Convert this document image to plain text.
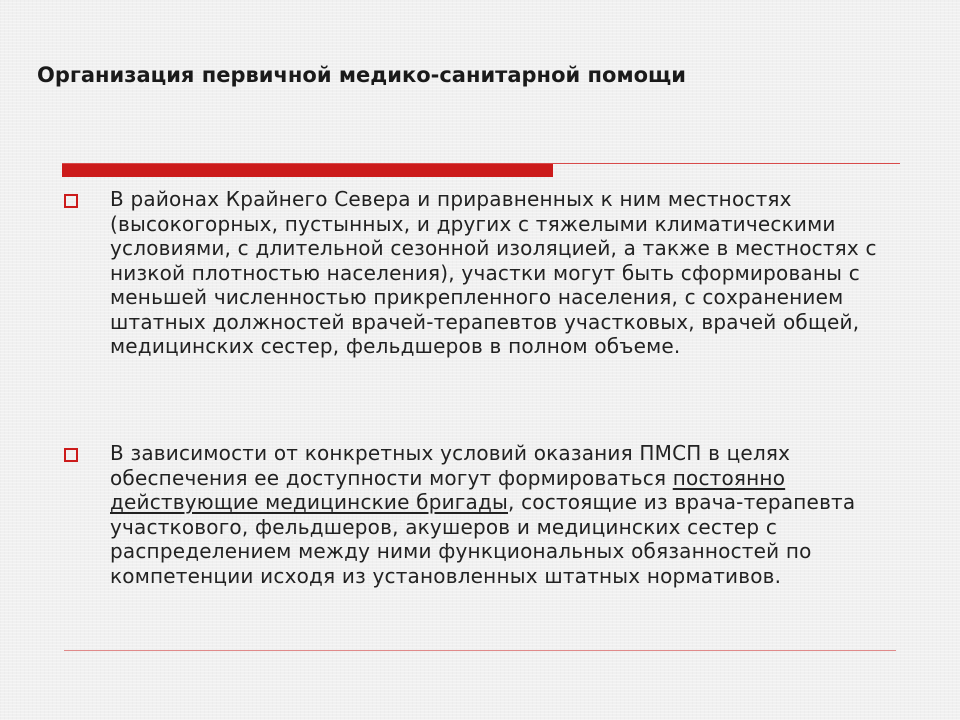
Организация первичной медико-санитарной помощи
В районах Крайнего Севера и приравненных к ним местностях (высокогорных, пустынных, и других с тяжелыми климатическими условиями, с длительной сезонной изоляцией, а также в местностях с низкой плотностью населения), участки могут быть сформированы с меньшей численностью прикрепленного населения, с сохранением штатных должностей врачей-терапевтов участковых, врачей общей, медицинских сестер, фельдшеров в полном объеме.
В зависимости от конкретных условий оказания ПМСП в целях обеспечения ее доступности могут формироваться постоянно действующие медицинские бригады, состоящие из врача-терапевта участкового, фельдшеров, акушеров и медицинских сестер с распределением между ними функциональных обязанностей по компетенции исходя из установленных штатных нормативов.
